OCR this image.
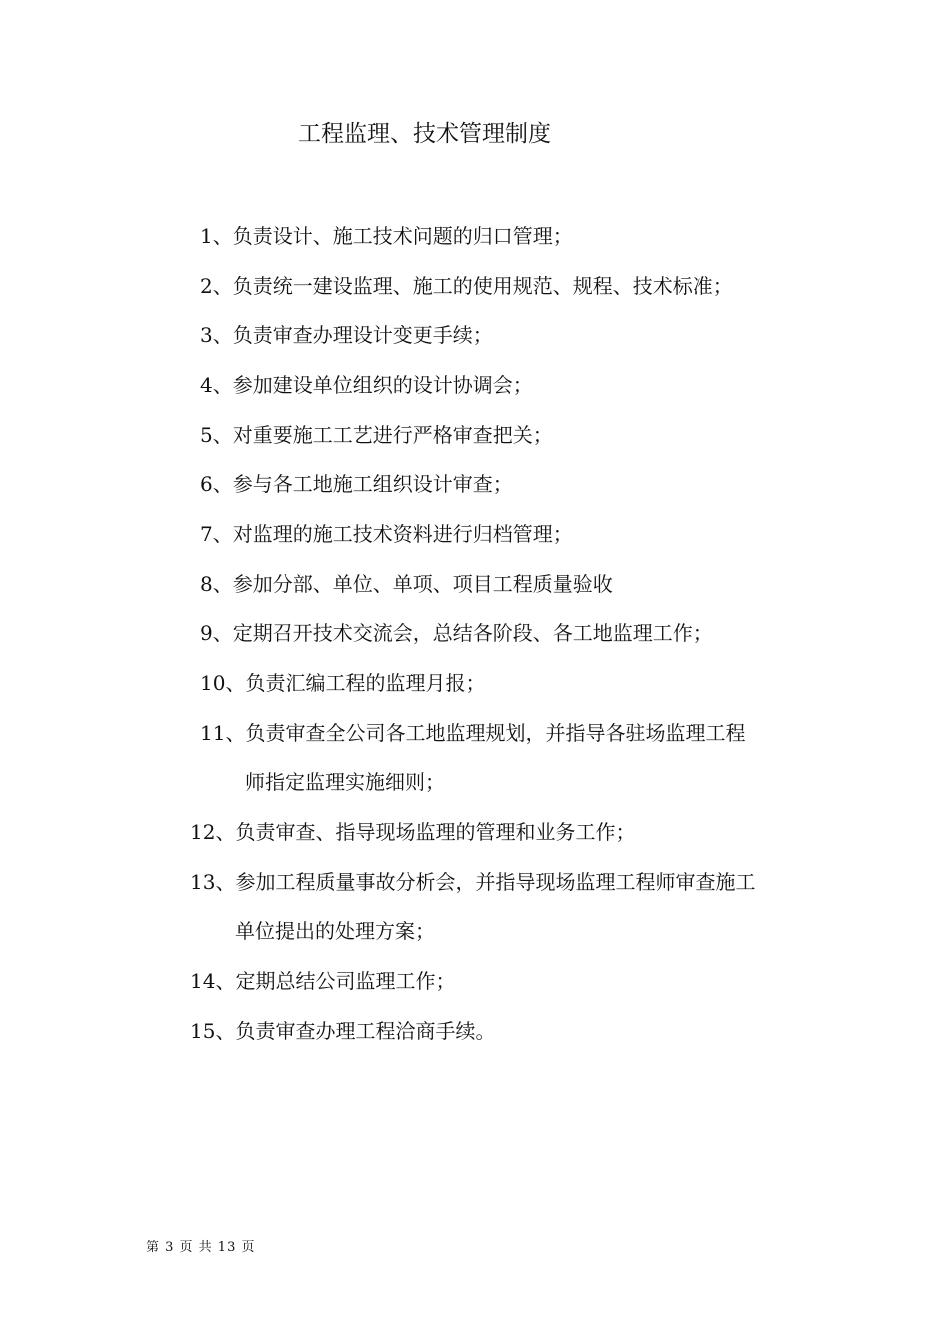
工程监理、技术管理制度
1、负责设计、施工技术问题的归口管理；
2、负责统一建设监理、施工的使用规范、规程、技术标准；
3、负责审查办理设计变更手续；
4、参加建设单位组织的设计协调会；
5、对重要施工工艺进行严格审查把关；
6、参与各工地施工组织设计审查；
7、对监理的施工技术资料进行归档管理；
8、参加分部、单位、单项、项目工程质量验收
9、定期召开技术交流会，总结各阶段、各工地监理工作；
10、负责汇编工程的监理月报；
11、负责审查全公司各工地监理规划，并指导各驻场监理工程
师指定监理实施细则；
12、负责审查、指导现场监理的管理和业务工作；
13、参加工程质量事故分析会，并指导现场监理工程师审查施工
单位提出的处理方案；
14、定期总结公司监理工作；
15、负责审查办理工程洽商手续。
第 3 页 共 13 页
